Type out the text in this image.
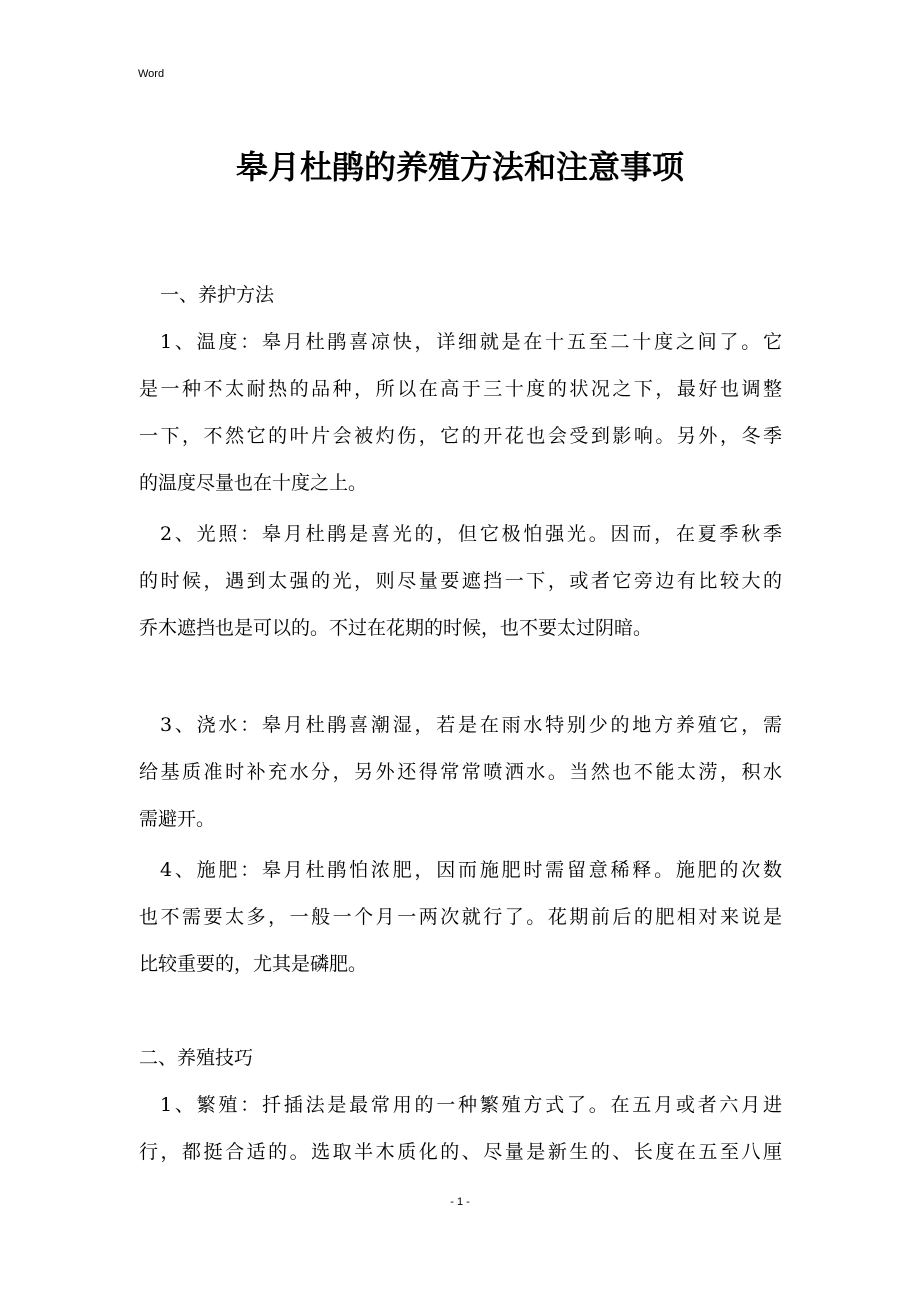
Word
皋月杜鹃的养殖方法和注意事项
一、养护方法
1、温度：皋月杜鹃喜凉快，详细就是在十五至二十度之间了。它
是一种不太耐热的品种，所以在高于三十度的状况之下，最好也调整
一下，不然它的叶片会被灼伤，它的开花也会受到影响。另外，冬季
的温度尽量也在十度之上。
2、光照：皋月杜鹃是喜光的，但它极怕强光。因而，在夏季秋季
的时候，遇到太强的光，则尽量要遮挡一下，或者它旁边有比较大的
乔木遮挡也是可以的。不过在花期的时候，也不要太过阴暗。
3、浇水：皋月杜鹃喜潮湿，若是在雨水特别少的地方养殖它，需
给基质准时补充水分，另外还得常常喷洒水。当然也不能太涝，积水
需避开。
4、施肥：皋月杜鹃怕浓肥，因而施肥时需留意稀释。施肥的次数
也不需要太多，一般一个月一两次就行了。花期前后的肥相对来说是
比较重要的，尤其是磷肥。
二、养殖技巧
1、繁殖：扦插法是最常用的一种繁殖方式了。在五月或者六月进
行，都挺合适的。选取半木质化的、尽量是新生的、长度在五至八厘
- 1 -
